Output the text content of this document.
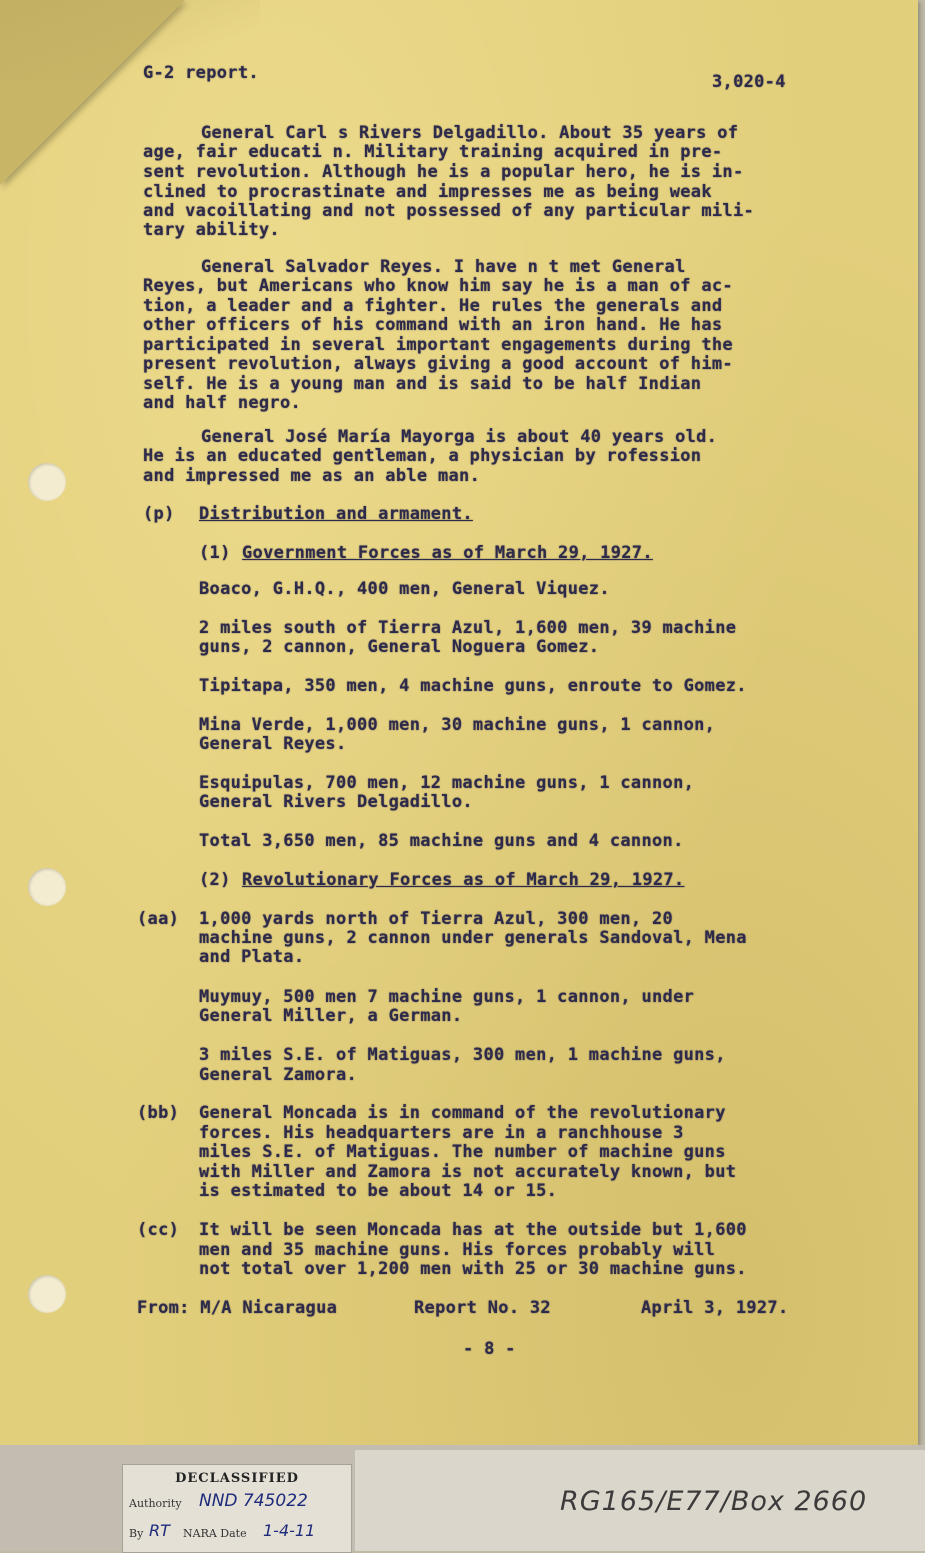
G-2 report.	3,020-4
General Carl s Rivers Delgadillo. About 35 years of
age, fair educati n. Military training acquired in pre-
sent revolution. Although he is a popular hero, he is in-
clined to procrastinate and impresses me as being weak
and vacoillating and not possessed of any particular mili-
tary ability.
General Salvador Reyes. I have n t met General
Reyes, but Americans who know him say he is a man of ac-
tion, a leader and a fighter. He rules the generals and
other officers of his command with an iron hand. He has
participated in several important engagements during the
present revolution, always giving a good account of him-
self. He is a young man and is said to be half Indian
and half negro.
General José María Mayorga is about 40 years old.
He is an educated gentleman, a physician by rofession
and impressed me as an able man.
(p) Distribution and armament.
(1) Government Forces as of March 29, 1927.
Boaco, G.H.Q., 400 men, General Viquez.
2 miles south of Tierra Azul, 1,600 men, 39 machine
guns, 2 cannon, General Noguera Gomez.
Tipitapa, 350 men, 4 machine guns, enroute to Gomez.
Mina Verde, 1,000 men, 30 machine guns, 1 cannon,
General Reyes.
Esquipulas, 700 men, 12 machine guns, 1 cannon,
General Rivers Delgadillo.
Total 3,650 men, 85 machine guns and 4 cannon.
(2) Revolutionary Forces as of March 29, 1927.
(aa) 1,000 yards north of Tierra Azul, 300 men, 20
machine guns, 2 cannon under generals Sandoval, Mena
and Plata.
Muymuy, 500 men 7 machine guns, 1 cannon, under
General Miller, a German.
3 miles S.E. of Matiguas, 300 men, 1 machine guns,
General Zamora.
(bb) General Moncada is in command of the revolutionary
forces. His headquarters are in a ranchhouse 3
miles S.E. of Matiguas. The number of machine guns
with Miller and Zamora is not accurately known, but
is estimated to be about 14 or 15.
(cc) It will be seen Moncada has at the outside but 1,600
men and 35 machine guns. His forces probably will
not total over 1,200 men with 25 or 30 machine guns.
From: M/A Nicaragua	Report No. 32	April 3, 1927.
- 8 -
DECLASSIFIED
Authority NND 745022
By RT NARA Date 1-4-11
RG165/E77/Box 2660
